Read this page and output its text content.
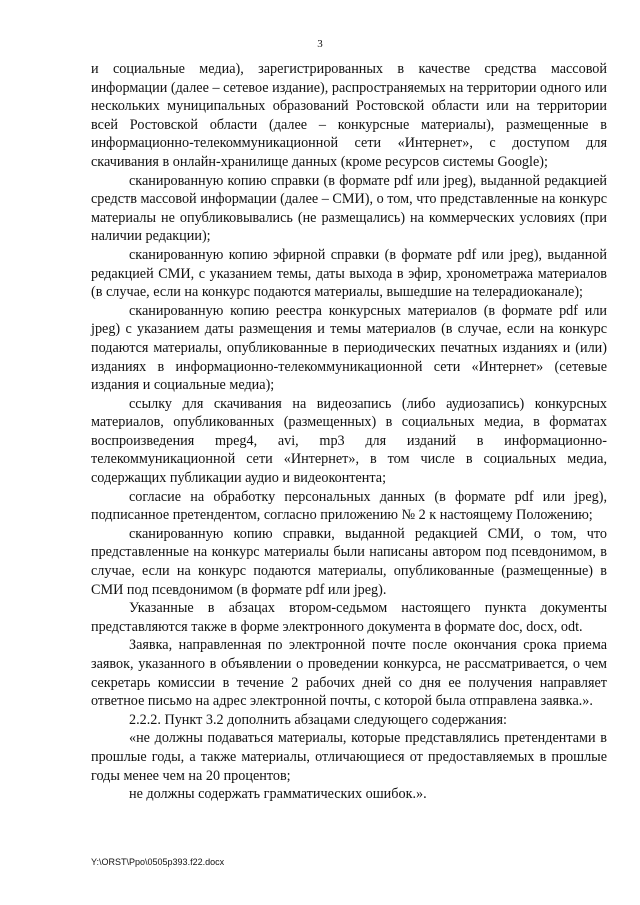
3

и социальные медиа), зарегистрированных в качестве средства массовой информации (далее – сетевое издание), распространяемых на территории одного или нескольких муниципальных образований Ростовской области или на территории всей Ростовской области (далее – конкурсные материалы), размещенные в информационно-телекоммуникационной сети «Интернет», с доступом для скачивания в онлайн-хранилище данных (кроме ресурсов системы Google);

сканированную копию справки (в формате pdf или jpeg), выданной редакцией средств массовой информации (далее – СМИ), о том, что представленные на конкурс материалы не опубликовывались (не размещались) на коммерческих условиях (при наличии редакции);

сканированную копию эфирной справки (в формате pdf или jpeg), выданной редакцией СМИ, с указанием темы, даты выхода в эфир, хронометража материалов (в случае, если на конкурс подаются материалы, вышедшие на телерадиоканале);

сканированную копию реестра конкурсных материалов (в формате pdf или jpeg) с указанием даты размещения и темы материалов (в случае, если на конкурс подаются материалы, опубликованные в периодических печатных изданиях и (или) изданиях в информационно-телекоммуникационной сети «Интернет» (сетевые издания и социальные медиа);

ссылку для скачивания на видеозапись (либо аудиозапись) конкурсных материалов, опубликованных (размещенных) в социальных медиа, в форматах воспроизведения mpeg4, avi, mp3 для изданий в информационно-телекоммуникационной сети «Интернет», в том числе в социальных медиа, содержащих публикации аудио и видеоконтента;

согласие на обработку персональных данных (в формате pdf или jpeg), подписанное претендентом, согласно приложению № 2 к настоящему Положению;

сканированную копию справки, выданной редакцией СМИ, о том, что представленные на конкурс материалы были написаны автором под псевдонимом, в случае, если на конкурс подаются материалы, опубликованные (размещенные) в СМИ под псевдонимом (в формате pdf или jpeg).

Указанные в абзацах втором-седьмом настоящего пункта документы представляются также в форме электронного документа в формате doc, docx, odt.

Заявка, направленная по электронной почте после окончания срока приема заявок, указанного в объявлении о проведении конкурса, не рассматривается, о чем секретарь комиссии в течение 2 рабочих дней со дня ее получения направляет ответное письмо на адрес электронной почты, с которой была отправлена заявка.».

2.2.2. Пункт 3.2 дополнить абзацами следующего содержания:

«не должны подаваться материалы, которые представлялись претендентами в прошлые годы, а также материалы, отличающиеся от предоставляемых в прошлые годы менее чем на 20 процентов;

не должны содержать грамматических ошибок.».

Y:\ORST\Ppo\0505p393.f22.docx
